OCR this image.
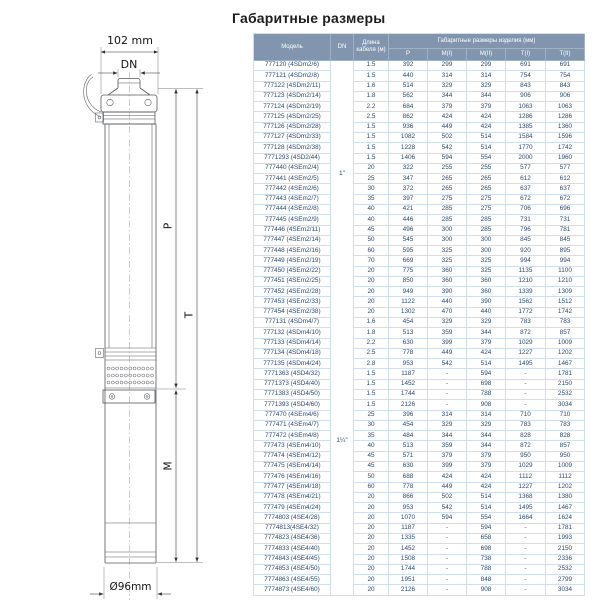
Габаритные размеры
102 mm
DN
P
M
T
Ø96mm
Модель	DN	Длина кабеля (м)	Габаритные размеры изделия (мм)				
			P	M(I)	M(II)	T(I)	T(II)
777120 (4SDm2/6)	1"	1.5	392	299	299	691	691
777121 (4SDm2/8)		1.5	440	314	314	754	754
777122 (4SDm2/11)		1.6	514	329	329	843	843
777123 (4SDm2/14)		1.8	562	344	344	906	906
777124 (4SDm2/19)		2.2	684	379	379	1063	1063
777125 (4SDm2/25)		2.5	862	424	424	1286	1286
777126 (4SDm2/28)		1.5	936	449	424	1385	1360
777127 (4SDm2/33)		1.5	1082	502	514	1584	1596
777128 (4SDm2/38)		1.5	1228	542	514	1770	1742
7771293 (4SD2/44)		1.5	1406	594	554	2000	1960
777440 (4SEm2/4)		20	322	255	255	577	577
777441 (4SEm2/5)		25	347	265	265	612	612
777442 (4SEm2/6)		30	372	265	265	637	637
777443 (4SEm2/7)		35	397	275	275	672	672
777444 (4SEm2/8)		40	421	285	275	706	696
777445 (4SEm2/9)		40	446	285	285	731	731
777446 (4SEm2/11)		45	496	300	285	796	781
777447 (4SEm2/14)		50	545	300	300	845	845
777448 (4SEm2/16)		60	595	325	300	920	895
777449 (4SEm2/19)		70	669	325	325	994	994
777450 (4SEm2/22)		20	775	360	325	1135	1100
777451 (4SEm2/25)		20	850	360	360	1210	1210
777452 (4SEm2/28)	1¼"	20	949	390	360	1339	1309
777453 (4SEm2/33)		20	1122	440	390	1562	1512
777454 (4SEm2/38)		20	1302	470	440	1772	1742
777131 (4SDm4/7)		1.6	454	329	329	783	783
777132 (4SDm4/10)		1.8	513	359	344	872	857
777133 (4SDm4/14)		2.2	630	399	379	1029	1009
777134 (4SDm4/18)		2.5	778	449	424	1227	1202
777135 (4SDm4/24)		2.8	953	542	514	1495	1467
7771363 (4SD4/32)		1.5	1187	-	594	-	1781
7771373 (4SD4/40)		1.5	1452	-	698	-	2150
7771383 (4SD4/50)		1.5	1744	-	788	-	2532
7771393 (4SD4/60)		1.5	2126	-	908	-	3034
777470 (4SEm4/6)		25	396	314	314	710	710
777471 (4SEm4/7)		30	454	329	329	783	783
777472 (4SEm4/8)		35	484	344	344	828	828
777473 (4SEm4/10)		40	513	359	344	872	857
777474 (4SEm4/12)		45	571	379	379	950	950
777475 (4SEm4/14)		45	630	399	379	1029	1009
777476 (4SEm4/16)		50	688	424	424	1112	1112
777477 (4SEm4/18)		60	778	449	424	1227	1202
777478 (4SEm4/21)		20	866	502	514	1368	1380
777479 (4SEm4/24)		20	953	542	514	1495	1467
7774803 (4SE4/28)		20	1070	594	554	1664	1624
7774813(4SE4/32)		20	1187	-	594	-	1781
7774823 (4SE4/36)		20	1335	-	658	-	1993
7774833 (4SE4/40)		20	1452	-	698	-	2150
7774843 (4SE4/45)		20	1508	-	738	-	2336
7774853 (4SE4/50)		20	1744	-	788	-	2532
7774863 (4SE4/55)		20	1951	-	848	-	2799
7774873 (4SE4/60)		20	2126	-	908	-	3034
